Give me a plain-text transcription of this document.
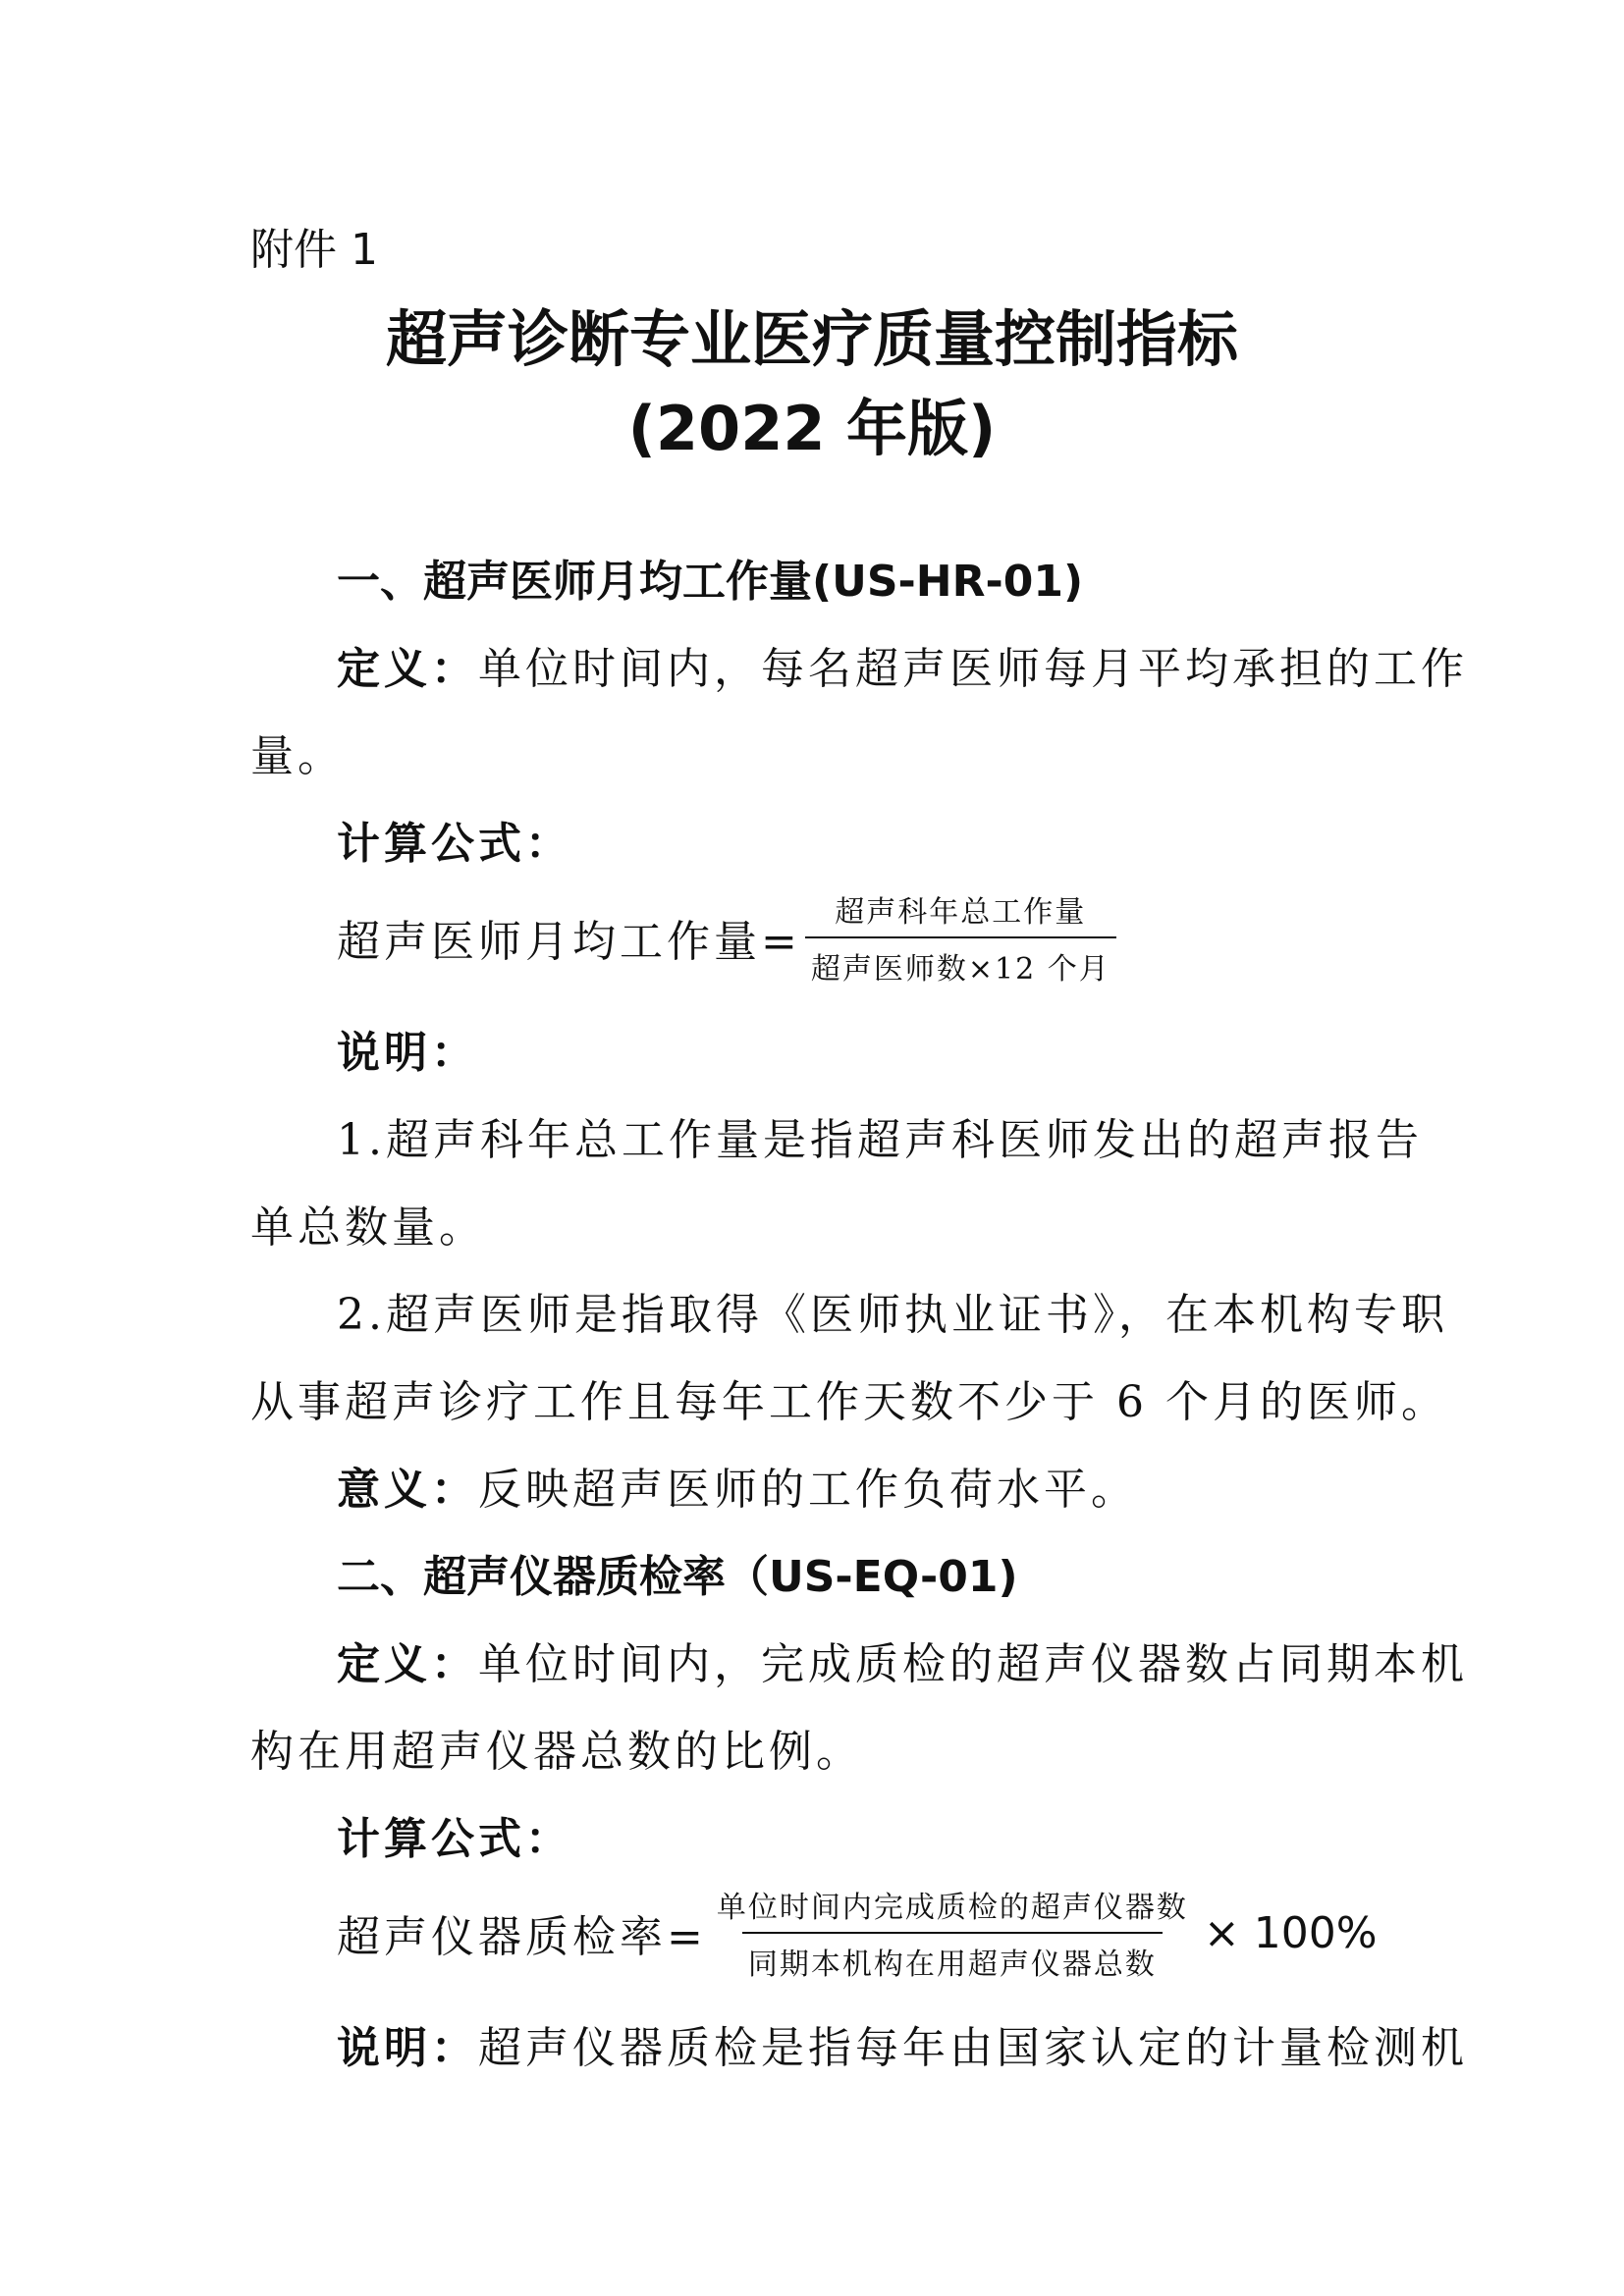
附件 1
超声诊断专业医疗质量控制指标
(2022 年版)
一、超声医师月均工作量(US-HR-01)
定义：单位时间内，每名超声医师每月平均承担的工作
量。
计算公式：
超声医师月均工作量= $\frac{\text{超声科年总工作量}}{\text{超声医师数×12 个月}}$
说明：
1.超声科年总工作量是指超声科医师发出的超声报告
单总数量。
2.超声医师是指取得《医师执业证书》，在本机构专职
从事超声诊疗工作且每年工作天数不少于 6 个月的医师。
意义：反映超声医师的工作负荷水平。
二、超声仪器质检率（US-EQ-01)
定义：单位时间内，完成质检的超声仪器数占同期本机
构在用超声仪器总数的比例。
计算公式：
超声仪器质检率= $\frac{\text{单位时间内完成质检的超声仪器数}}{\text{同期本机构在用超声仪器总数}} \times 100\%$
说明：超声仪器质检是指每年由国家认定的计量检测机
